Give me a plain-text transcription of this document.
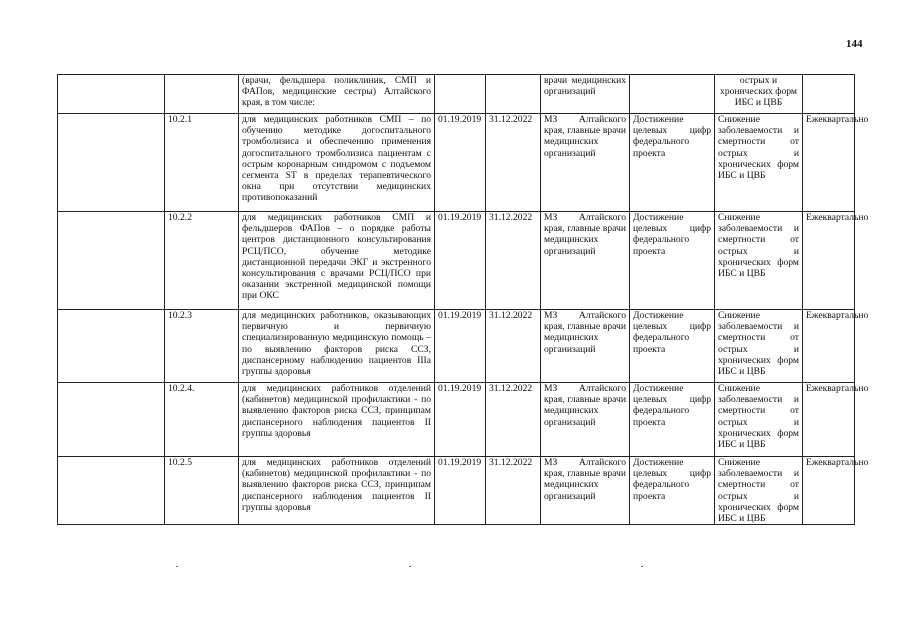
144
		(врачи, фельдшера поликлиник, СМП и ФАПов, медицинские сестры) Алтайского края, в том числе:			врачи медицинских организаций		острых и хронических форм ИБС и ЦВБ	
	10.2.1	для медицинских работников СМП – по обучению методике догоспитального тромболизиса и обеспечению применения догоспитального тромболизиса пациентам с острым коронарным синдромом с подъемом сегмента ST в пределах терапевтического окна при отсутствии медицинских противопоказаний	01.19.2019	31.12.2022	МЗ Алтайского края, главные врачи медицинских организаций	Достижение целевых цифр федерального проекта	Снижение заболеваемости и смертности от острых и хронических форм ИБС и ЦВБ	Ежеквартально
	10.2.2	для медицинских работников СМП и фельдшеров ФАПов – о порядке работы центров дистанционного консультирования РСЦ/ПСО, обучение методике дистанционной передачи ЭКГ и экстренного консультирования с врачами РСЦ/ПСО при оказании экстренной медицинской помощи при ОКС	01.19.2019	31.12.2022	МЗ Алтайского края, главные врачи медицинских организаций	Достижение целевых цифр федерального проекта	Снижение заболеваемости и смертности от острых и хронических форм ИБС и ЦВБ	Ежеквартально
	10.2.3	для медицинских работников, оказывающих первичную и первичную специализированную медицинскую помощь – по выявлению факторов риска ССЗ, диспансерному наблюдению пациентов IIIа группы здоровья	01.19.2019	31.12.2022	МЗ Алтайского края, главные врачи медицинских организаций	Достижение целевых цифр федерального проекта	Снижение заболеваемости и смертности от острых и хронических форм ИБС и ЦВБ	Ежеквартально
	10.2.4.	для медицинских работников отделений (кабинетов) медицинской профилактики - по выявлению факторов риска ССЗ, принципам диспансерного наблюдения пациентов II группы здоровья	01.19.2019	31.12.2022	МЗ Алтайского края, главные врачи медицинских организаций	Достижение целевых цифр федерального проекта	Снижение заболеваемости и смертности от острых и хронических форм ИБС и ЦВБ	Ежеквартально
	10.2.5	для медицинских работников отделений (кабинетов) медицинской профилактики - по выявлению факторов риска ССЗ, принципам диспансерного наблюдения пациентов II группы здоровья	01.19.2019	31.12.2022	МЗ Алтайского края, главные врачи медицинских организаций	Достижение целевых цифр федерального проекта	Снижение заболеваемости и смертности от острых и хронических форм ИБС и ЦВБ	Ежеквартально
